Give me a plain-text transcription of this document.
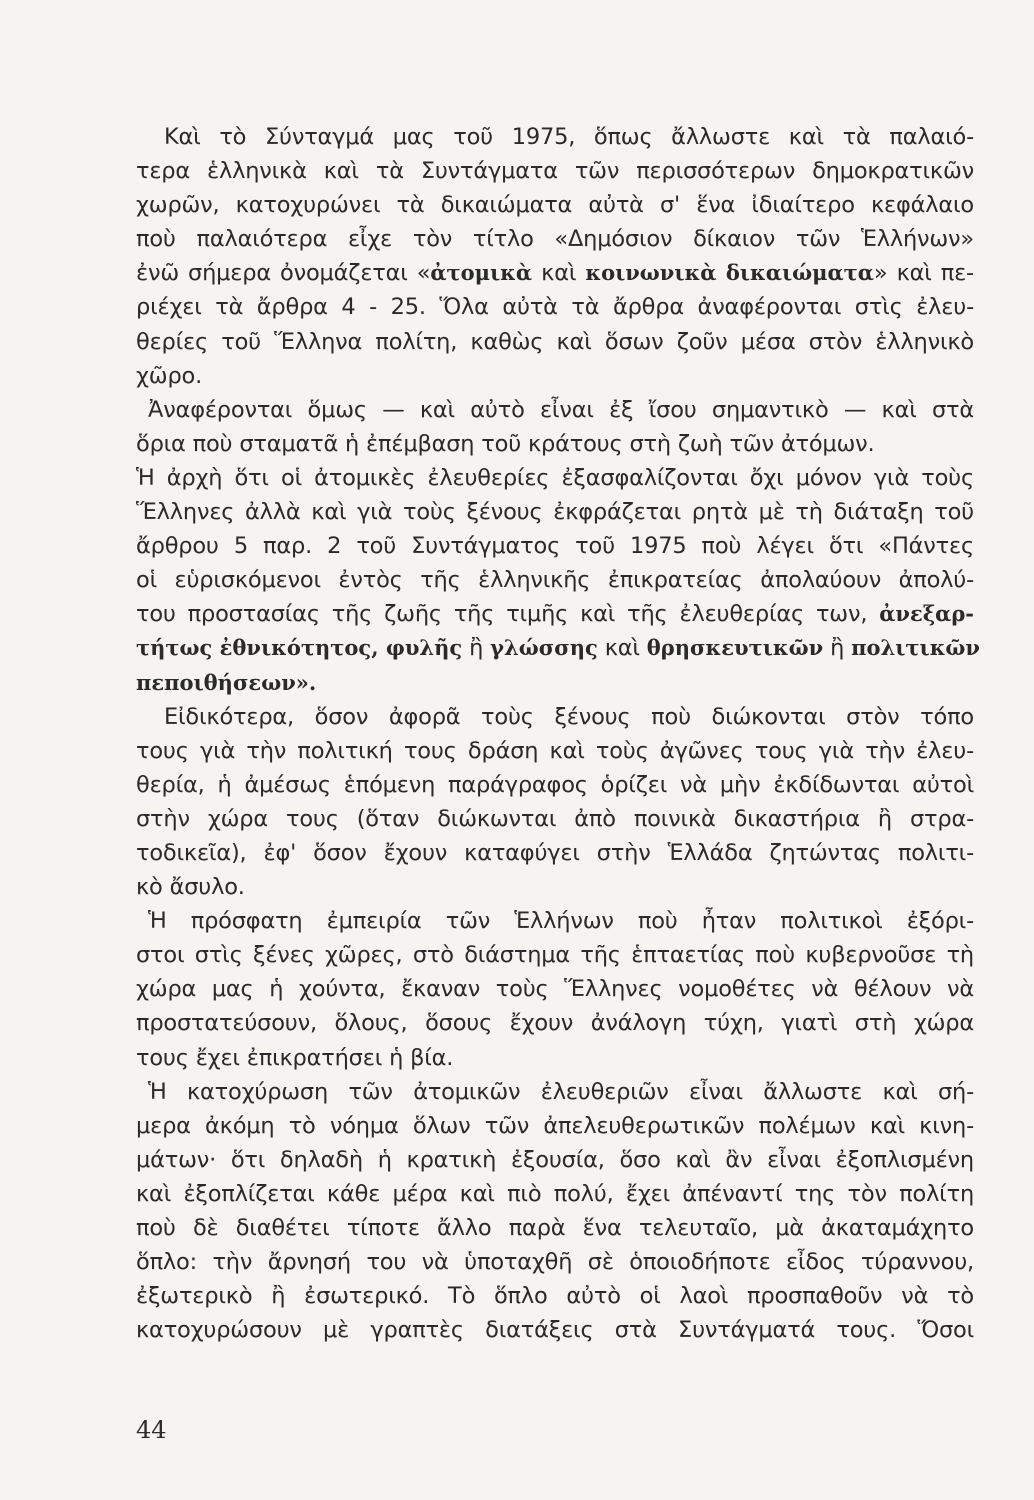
Καὶ τὸ Σύνταγμά μας τοῦ 1975, ὅπως ἄλλωστε καὶ τὰ παλαιό-
τερα ἑλληνικὰ καὶ τὰ Συντάγματα τῶν περισσότερων δημοκρατικῶν
χωρῶν, κατοχυρώνει τὰ δικαιώματα αὐτὰ σ' ἕνα ἰδιαίτερο κεφάλαιο
ποὺ παλαιότερα εἶχε τὸν τίτλο «Δημόσιον δίκαιον τῶν Ἑλλήνων»
ἐνῶ σήμερα ὀνομάζεται «ἀτομικὰ καὶ κοινωνικὰ δικαιώματα» καὶ πε-
ριέχει τὰ ἄρθρα 4 - 25. Ὅλα αὐτὰ τὰ ἄρθρα ἀναφέρονται στὶς ἐλευ-
θερίες τοῦ Ἕλληνα πολίτη, καθὼς καὶ ὅσων ζοῦν μέσα στὸν ἑλληνικὸ
χῶρο.
Ἀναφέρονται ὅμως — καὶ αὐτὸ εἶναι ἐξ ἴσου σημαντικὸ — καὶ στὰ
ὅρια ποὺ σταματᾶ ἡ ἐπέμβαση τοῦ κράτους στὴ ζωὴ τῶν ἀτόμων.
Ἡ ἀρχὴ ὅτι οἱ ἀτομικὲς ἐλευθερίες ἐξασφαλίζονται ὄχι μόνον γιὰ τοὺς
Ἕλληνες ἀλλὰ καὶ γιὰ τοὺς ξένους ἐκφράζεται ρητὰ μὲ τὴ διάταξη τοῦ
ἄρθρου 5 παρ. 2 τοῦ Συντάγματος τοῦ 1975 ποὺ λέγει ὅτι «Πάντες
οἱ εὑρισκόμενοι ἐντὸς τῆς ἑλληνικῆς ἐπικρατείας ἀπολαύουν ἀπολύ-
του προστασίας τῆς ζωῆς τῆς τιμῆς καὶ τῆς ἐλευθερίας των, ἀνεξαρ-
τήτως ἐθνικότητος, φυλῆς ἢ γλώσσης καὶ θρησκευτικῶν ἢ πολιτικῶν
πεποιθήσεων».
Εἰδικότερα, ὅσον ἀφορᾶ τοὺς ξένους ποὺ διώκονται στὸν τόπο
τους γιὰ τὴν πολιτική τους δράση καὶ τοὺς ἀγῶνες τους γιὰ τὴν ἐλευ-
θερία, ἡ ἀμέσως ἑπόμενη παράγραφος ὁρίζει νὰ μὴν ἐκδίδωνται αὐτοὶ
στὴν χώρα τους (ὅταν διώκωνται ἀπὸ ποινικὰ δικαστήρια ἢ στρα-
τοδικεῖα), ἐφ' ὅσον ἔχουν καταφύγει στὴν Ἑλλάδα ζητώντας πολιτι-
κὸ ἄσυλο.
Ἡ πρόσφατη ἐμπειρία τῶν Ἑλλήνων ποὺ ἦταν πολιτικοὶ ἐξόρι-
στοι στὶς ξένες χῶρες, στὸ διάστημα τῆς ἑπταετίας ποὺ κυβερνοῦσε τὴ
χώρα μας ἡ χούντα, ἔκαναν τοὺς Ἕλληνες νομοθέτες νὰ θέλουν νὰ
προστατεύσουν, ὅλους, ὅσους ἔχουν ἀνάλογη τύχη, γιατὶ στὴ χώρα
τους ἔχει ἐπικρατήσει ἡ βία.
Ἡ κατοχύρωση τῶν ἀτομικῶν ἐλευθεριῶν εἶναι ἄλλωστε καὶ σή-
μερα ἀκόμη τὸ νόημα ὅλων τῶν ἀπελευθερωτικῶν πολέμων καὶ κινη-
μάτων· ὅτι δηλαδὴ ἡ κρατικὴ ἐξουσία, ὅσο καὶ ἂν εἶναι ἐξοπλισμένη
καὶ ἐξοπλίζεται κάθε μέρα καὶ πιὸ πολύ, ἔχει ἀπέναντί της τὸν πολίτη
ποὺ δὲ διαθέτει τίποτε ἄλλο παρὰ ἕνα τελευταῖο, μὰ ἀκαταμάχητο
ὅπλο: τὴν ἄρνησή του νὰ ὑποταχθῆ σὲ ὁποιοδήποτε εἶδος τύραννου,
ἐξωτερικὸ ἢ ἐσωτερικό. Τὸ ὅπλο αὐτὸ οἱ λαοὶ προσπαθοῦν νὰ τὸ
κατοχυρώσουν μὲ γραπτὲς διατάξεις στὰ Συντάγματά τους. Ὅσοι
44
